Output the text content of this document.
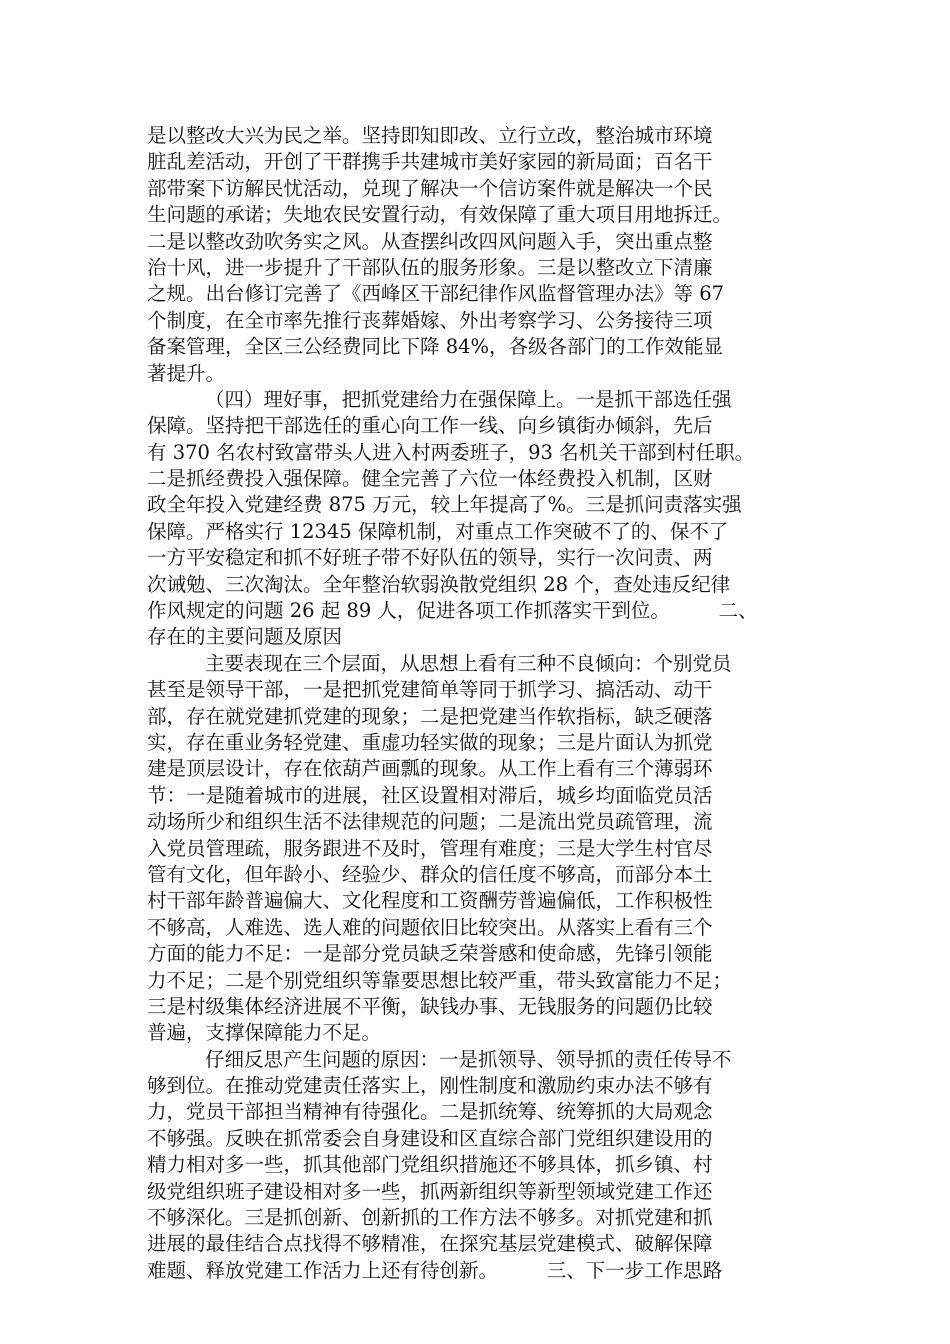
是以整改大兴为民之举。坚持即知即改、立行立改，整治城市环境
脏乱差活动，开创了干群携手共建城市美好家园的新局面；百名干
部带案下访解民忧活动，兑现了解决一个信访案件就是解决一个民
生问题的承诺；失地农民安置行动，有效保障了重大项目用地拆迁。
二是以整改劲吹务实之风。从查摆纠改四风问题入手，突出重点整
治十风，进一步提升了干部队伍的服务形象。三是以整改立下清廉
之规。出台修订完善了《西峰区干部纪律作风监督管理办法》等 67
个制度，在全市率先推行丧葬婚嫁、外出考察学习、公务接待三项
备案管理，全区三公经费同比下降 84%，各级各部门的工作效能显
著提升。
（四）理好事，把抓党建给力在强保障上。一是抓干部选任强
保障。坚持把干部选任的重心向工作一线、向乡镇街办倾斜，先后
有 370 名农村致富带头人进入村两委班子，93 名机关干部到村任职。
二是抓经费投入强保障。健全完善了六位一体经费投入机制，区财
政全年投入党建经费 875 万元，较上年提高了%。三是抓问责落实强
保障。严格实行 12345 保障机制，对重点工作突破不了的、保不了
一方平安稳定和抓不好班子带不好队伍的领导，实行一次问责、两
次诫勉、三次淘汰。全年整治软弱涣散党组织 28 个，查处违反纪律
作风规定的问题 26 起 89 人，促进各项工作抓落实干到位。　　　二、
存在的主要问题及原因
主要表现在三个层面，从思想上看有三种不良倾向：个别党员
甚至是领导干部，一是把抓党建简单等同于抓学习、搞活动、动干
部，存在就党建抓党建的现象；二是把党建当作软指标，缺乏硬落
实，存在重业务轻党建、重虚功轻实做的现象；三是片面认为抓党
建是顶层设计，存在依葫芦画瓢的现象。从工作上看有三个薄弱环
节：一是随着城市的进展，社区设置相对滞后，城乡均面临党员活
动场所少和组织生活不法律规范的问题；二是流出党员疏管理，流
入党员管理疏，服务跟进不及时，管理有难度；三是大学生村官尽
管有文化，但年龄小、经验少、群众的信任度不够高，而部分本土
村干部年龄普遍偏大、文化程度和工资酬劳普遍偏低，工作积极性
不够高，人难选、选人难的问题依旧比较突出。从落实上看有三个
方面的能力不足：一是部分党员缺乏荣誉感和使命感，先锋引领能
力不足；二是个别党组织等靠要思想比较严重，带头致富能力不足；
三是村级集体经济进展不平衡，缺钱办事、无钱服务的问题仍比较
普遍，支撑保障能力不足。
仔细反思产生问题的原因：一是抓领导、领导抓的责任传导不
够到位。在推动党建责任落实上，刚性制度和激励约束办法不够有
力，党员干部担当精神有待强化。二是抓统筹、统筹抓的大局观念
不够强。反映在抓常委会自身建设和区直综合部门党组织建设用的
精力相对多一些，抓其他部门党组织措施还不够具体，抓乡镇、村
级党组织班子建设相对多一些，抓两新组织等新型领域党建工作还
不够深化。三是抓创新、创新抓的工作方法不够多。对抓党建和抓
进展的最佳结合点找得不够精准，在探究基层党建模式、破解保障
难题、释放党建工作活力上还有待创新。　　　三、下一步工作思路
